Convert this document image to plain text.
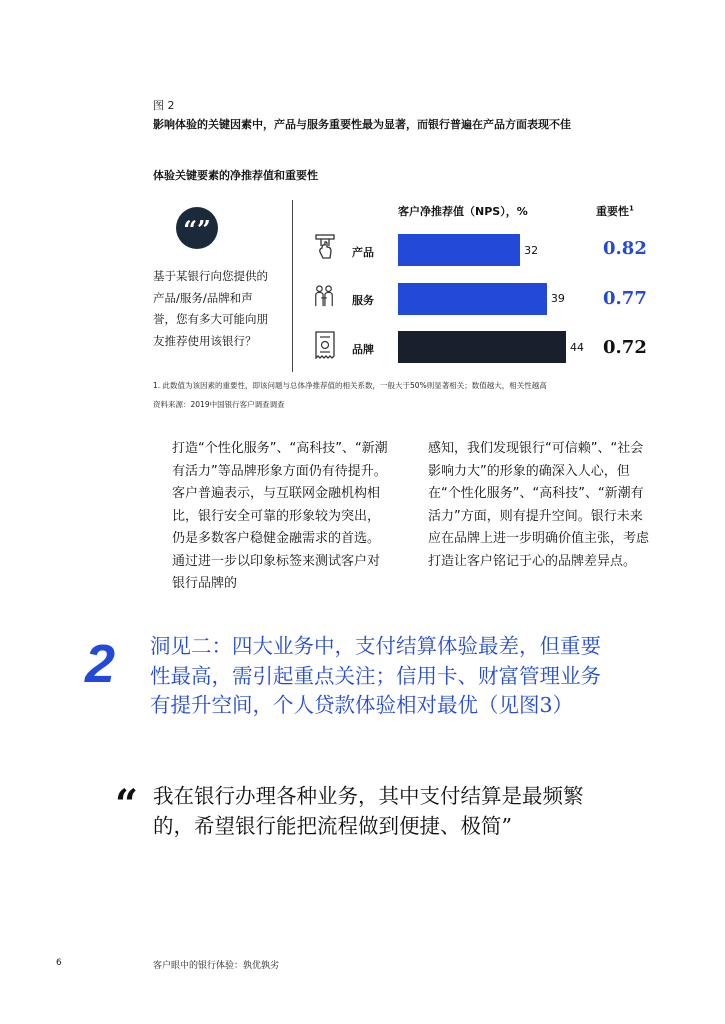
图 2
影响体验的关键因素中，产品与服务重要性最为显著，而银行普遍在产品方面表现不佳
体验关键要素的净推荐值和重要性
“”
基于某银行向您提供的产品/服务/品牌和声誉，您有多大可能向朋友推荐使用该银行？
客户净推荐值（NPS），%	重要性$^1$
产品
服务
品牌
32
39
44
0.82
0.77
0.72
1. 此数值为该因素的重要性，即该问题与总体净推荐值的相关系数，一般大于50%则显著相关；数值越大，相关性越高
资料来源：2019中国银行客户调查调查
打造“个性化服务”、“高科技”、“新潮有活力”等品牌形象方面仍有待提升。客户普遍表示，与互联网金融机构相比，银行安全可靠的形象较为突出，仍是多数客户稳健金融需求的首选。通过进一步以印象标签来测试客户对银行品牌的
感知，我们发现银行“可信赖”、“社会影响力大”的形象的确深入人心，但在“个性化服务”、“高科技”、“新潮有活力”方面，则有提升空间。银行未来应在品牌上进一步明确价值主张，考虑打造让客户铭记于心的品牌差异点。
2 洞见二：四大业务中，支付结算体验最差，但重要性最高，需引起重点关注；信用卡、财富管理业务有提升空间，个人贷款体验相对最优（见图3）
“ 我在银行办理各种业务，其中支付结算是最频繁的，希望银行能把流程做到便捷、极简”
6	客户眼中的银行体验：孰优孰劣
